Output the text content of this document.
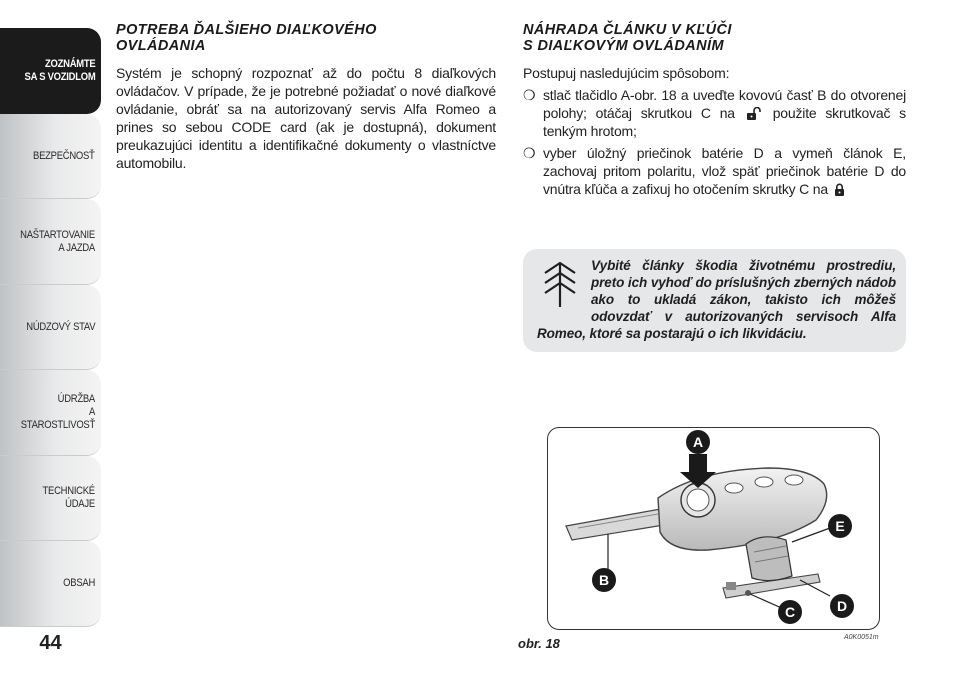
ZOZNÁMTE
SA S VOZIDLOM
BEZPEČNOSŤ
NAŠTARTOVANIE
A JAZDA
NÚDZOVÝ STAV
ÚDRŽBA
A STAROSTLIVOSŤ
TECHNICKÉ
ÚDAJE
OBSAH
44
POTREBA ĎALŠIEHO DIAĽKOVÉHO
OVLÁDANIA

Systém je schopný rozpoznať až do počtu 8 diaľkových ovládačov. V prípade, že je potrebné požiadať o nové diaľkové ovládanie, obráť sa na autorizovaný servis Alfa Romeo a prines so sebou CODE card (ak je dostupná), dokument preukazujúci identitu a identifikačné dokumenty o vlastníctve automobilu.

NÁHRADA ČLÁNKU V KĽÚČI
S DIAĽKOVÝM OVLÁDANÍM

Postupuj nasledujúcim spôsobom:

❍ stlač tlačidlo A-obr. 18 a uveďte kovovú časť B do otvorenej polohy; otáčaj skrutkou C na	použite skrutkovač s tenkým hrotom;
❍ vyber úložný priečinok batérie D a vymeň článok E, zachovaj pritom polaritu, vlož späť priečinok batérie D do vnútra kľúča a zafixuj ho otočením skrutky C na
Vybité články škodia životnému prostrediu, preto ich vyhoď do príslušných zberných nádob ako to ukladá zákon, takisto ich môžeš odovzdať v autorizovaných servisoch Alfa Romeo, ktoré sa postarajú o ich likvidáciu.
A
B
C	D
E
obr. 18	A0K0051m
